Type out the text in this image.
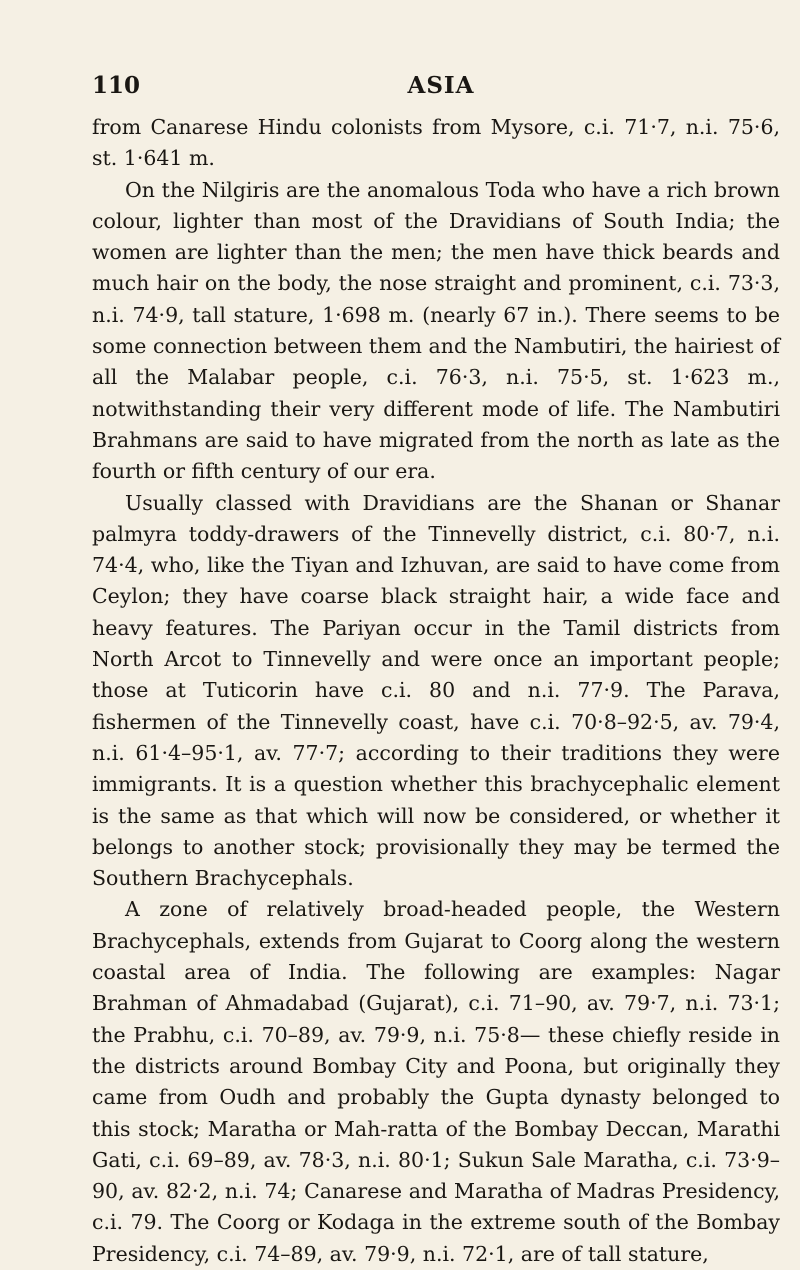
110	ASIA

from Canarese Hindu colonists from Mysore, c.i. 71·7, n.i. 75·6, st. 1·641 m.

On the Nilgiris are the anomalous Toda who have a rich brown colour, lighter than most of the Dravidians of South India; the women are lighter than the men; the men have thick beards and much hair on the body, the nose straight and prominent, c.i. 73·3, n.i. 74·9, tall stature, 1·698 m. (nearly 67 in.). There seems to be some connection between them and the Nambutiri, the hairiest of all the Malabar people, c.i. 76·3, n.i. 75·5, st. 1·623 m., notwithstanding their very different mode of life. The Nambutiri Brahmans are said to have migrated from the north as late as the fourth or fifth century of our era.

Usually classed with Dravidians are the Shanan or Shanar palmyra toddy-drawers of the Tinnevelly district, c.i. 80·7, n.i. 74·4, who, like the Tiyan and Izhuvan, are said to have come from Ceylon; they have coarse black straight hair, a wide face and heavy features. The Pariyan occur in the Tamil districts from North Arcot to Tinnevelly and were once an important people; those at Tuticorin have c.i. 80 and n.i. 77·9. The Parava, fishermen of the Tinnevelly coast, have c.i. 70·8–92·5, av. 79·4, n.i. 61·4–95·1, av. 77·7; according to their traditions they were immigrants. It is a question whether this brachycephalic element is the same as that which will now be considered, or whether it belongs to another stock; provisionally they may be termed the Southern Brachycephals.

A zone of relatively broad-headed people, the Western Brachycephals, extends from Gujarat to Coorg along the western coastal area of India. The following are examples: Nagar Brahman of Ahmadabad (Gujarat), c.i. 71–90, av. 79·7, n.i. 73·1; the Prabhu, c.i. 70–89, av. 79·9, n.i. 75·8— these chiefly reside in the districts around Bombay City and Poona, but originally they came from Oudh and probably the Gupta dynasty belonged to this stock; Maratha or Mah-ratta of the Bombay Deccan, Marathi Gati, c.i. 69–89, av. 78·3, n.i. 80·1; Sukun Sale Maratha, c.i. 73·9–90, av. 82·2, n.i. 74; Canarese and Maratha of Madras Presidency, c.i. 79. The Coorg or Kodaga in the extreme south of the Bombay Presidency, c.i. 74–89, av. 79·9, n.i. 72·1, are of tall stature,
